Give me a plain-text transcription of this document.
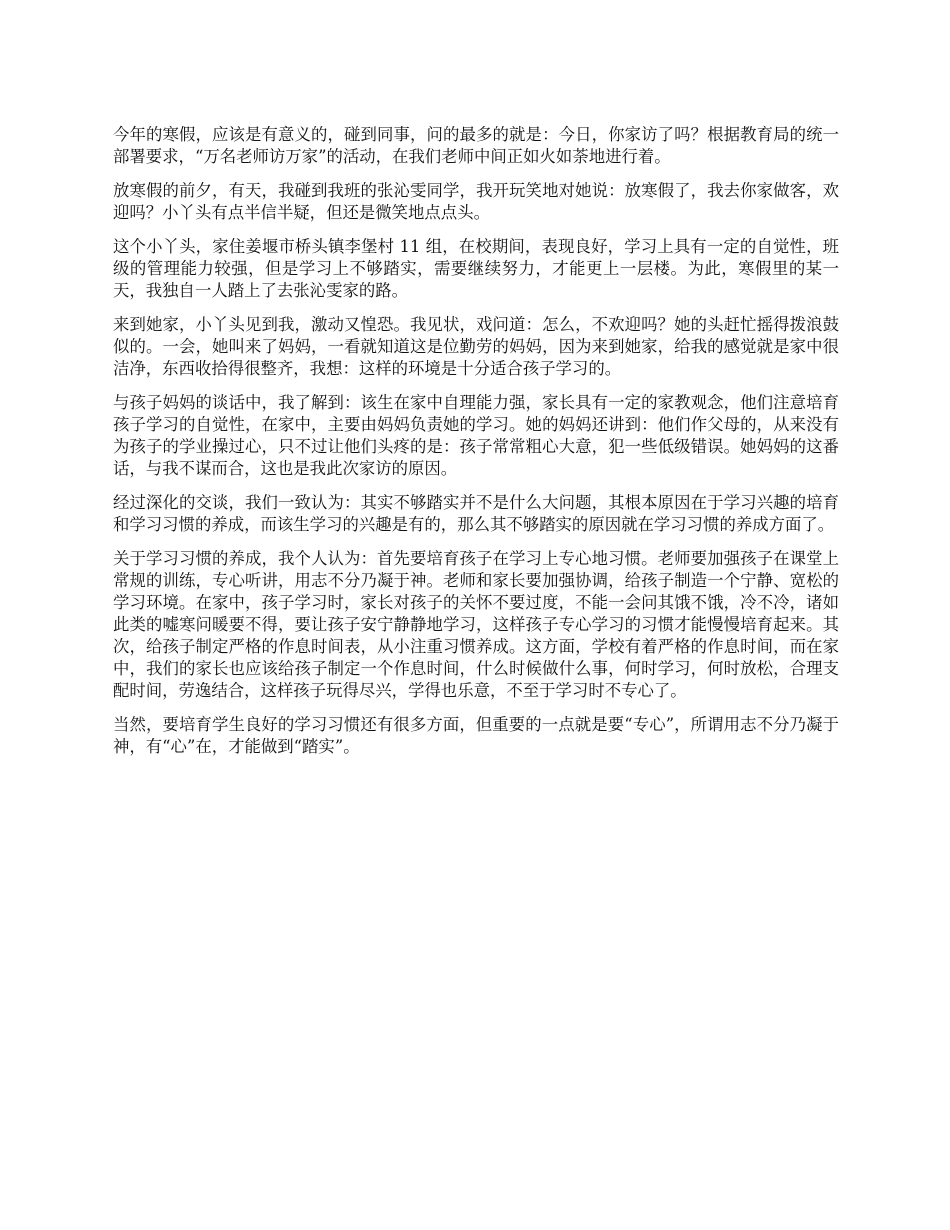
今年的寒假，应该是有意义的，碰到同事，问的最多的就是：今日，你家访了吗？根据教育局的统一部署要求，“万名老师访万家”的活动，在我们老师中间正如火如荼地进行着。

放寒假的前夕，有天，我碰到我班的张沁雯同学，我开玩笑地对她说：放寒假了，我去你家做客，欢迎吗？小丫头有点半信半疑，但还是微笑地点点头。

这个小丫头，家住姜堰市桥头镇李堡村 11 组，在校期间，表现良好，学习上具有一定的自觉性，班级的管理能力较强，但是学习上不够踏实，需要继续努力，才能更上一层楼。为此，寒假里的某一天，我独自一人踏上了去张沁雯家的路。

来到她家，小丫头见到我，激动又惶恐。我见状，戏问道：怎么，不欢迎吗？她的头赶忙摇得拨浪鼓似的。一会，她叫来了妈妈，一看就知道这是位勤劳的妈妈，因为来到她家，给我的感觉就是家中很洁净，东西收拾得很整齐，我想：这样的环境是十分适合孩子学习的。

与孩子妈妈的谈话中，我了解到：该生在家中自理能力强，家长具有一定的家教观念，他们注意培育孩子学习的自觉性，在家中，主要由妈妈负责她的学习。她的妈妈还讲到：他们作父母的，从来没有为孩子的学业操过心，只不过让他们头疼的是：孩子常常粗心大意，犯一些低级错误。她妈妈的这番话，与我不谋而合，这也是我此次家访的原因。

经过深化的交谈，我们一致认为：其实不够踏实并不是什么大问题，其根本原因在于学习兴趣的培育和学习习惯的养成，而该生学习的兴趣是有的，那么其不够踏实的原因就在学习习惯的养成方面了。

关于学习习惯的养成，我个人认为：首先要培育孩子在学习上专心地习惯。老师要加强孩子在课堂上常规的训练，专心听讲，用志不分乃凝于神。老师和家长要加强协调，给孩子制造一个宁静、宽松的学习环境。在家中，孩子学习时，家长对孩子的关怀不要过度，不能一会问其饿不饿，冷不冷，诸如此类的嘘寒问暖要不得，要让孩子安宁静静地学习，这样孩子专心学习的习惯才能慢慢培育起来。其次，给孩子制定严格的作息时间表，从小注重习惯养成。这方面，学校有着严格的作息时间，而在家中，我们的家长也应该给孩子制定一个作息时间，什么时候做什么事，何时学习，何时放松，合理支配时间，劳逸结合，这样孩子玩得尽兴，学得也乐意，不至于学习时不专心了。

当然，要培育学生良好的学习习惯还有很多方面，但重要的一点就是要“专心”，所谓用志不分乃凝于神，有“心”在，才能做到“踏实”。
